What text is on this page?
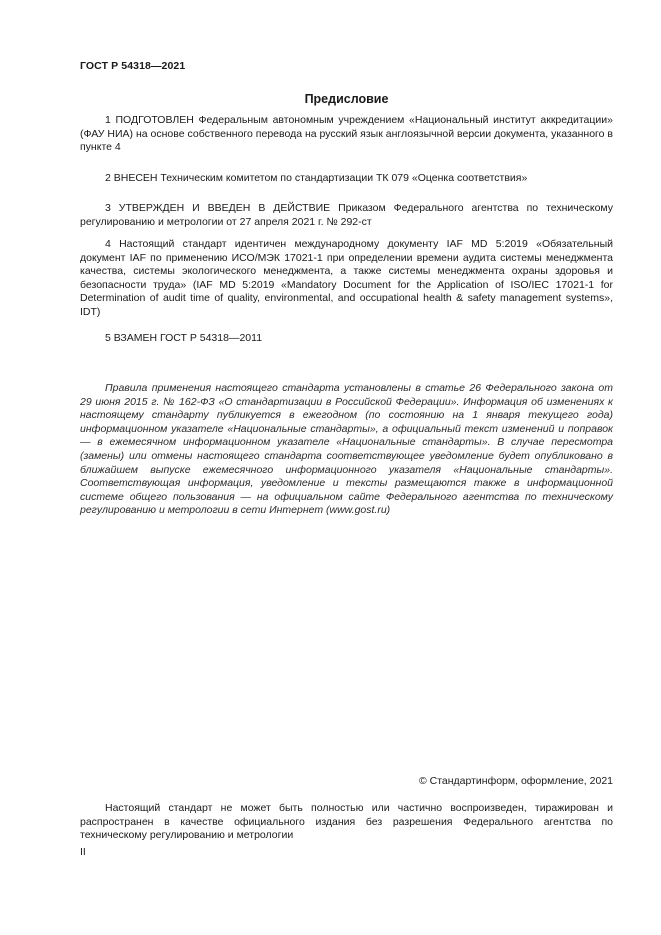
ГОСТ Р 54318—2021
Предисловие

1 ПОДГОТОВЛЕН Федеральным автономным учреждением «Национальный институт аккредитации» (ФАУ НИА) на основе собственного перевода на русский язык англоязычной версии документа, указанного в пункте 4

2 ВНЕСЕН Техническим комитетом по стандартизации ТК 079 «Оценка соответствия»

3 УТВЕРЖДЕН И ВВЕДЕН В ДЕЙСТВИЕ Приказом Федерального агентства по техническому регулированию и метрологии от 27 апреля 2021 г. № 292-ст

4 Настоящий стандарт идентичен международному документу IAF MD 5:2019 «Обязательный документ IAF по применению ИСО/МЭК 17021-1 при определении времени аудита системы менеджмента качества, системы экологического менеджмента, а также системы менеджмента охраны здоровья и безопасности труда» (IAF MD 5:2019 «Mandatory Document for the Application of ISO/IEC 17021-1 for Determination of audit time of quality, environmental, and occupational health & safety management systems», IDT)

5 ВЗАМЕН ГОСТ Р 54318—2011

Правила применения настоящего стандарта установлены в статье 26 Федерального закона от 29 июня 2015 г. № 162-ФЗ «О стандартизации в Российской Федерации». Информация об изменениях к настоящему стандарту публикуется в ежегодном (по состоянию на 1 января текущего года) информационном указателе «Национальные стандарты», а официальный текст изменений и поправок — в ежемесячном информационном указателе «Национальные стандарты». В случае пересмотра (замены) или отмены настоящего стандарта соответствующее уведомление будет опубликовано в ближайшем выпуске ежемесячного информационного указателя «Национальные стандарты». Соответствующая информация, уведомление и тексты размещаются также в информационной системе общего пользования — на официальном сайте Федерального агентства по техническому регулированию и метрологии в сети Интернет (www.gost.ru)

© Стандартинформ, оформление, 2021

Настоящий стандарт не может быть полностью или частично воспроизведен, тиражирован и распространен в качестве официального издания без разрешения Федерального агентства по техническому регулированию и метрологии

II
